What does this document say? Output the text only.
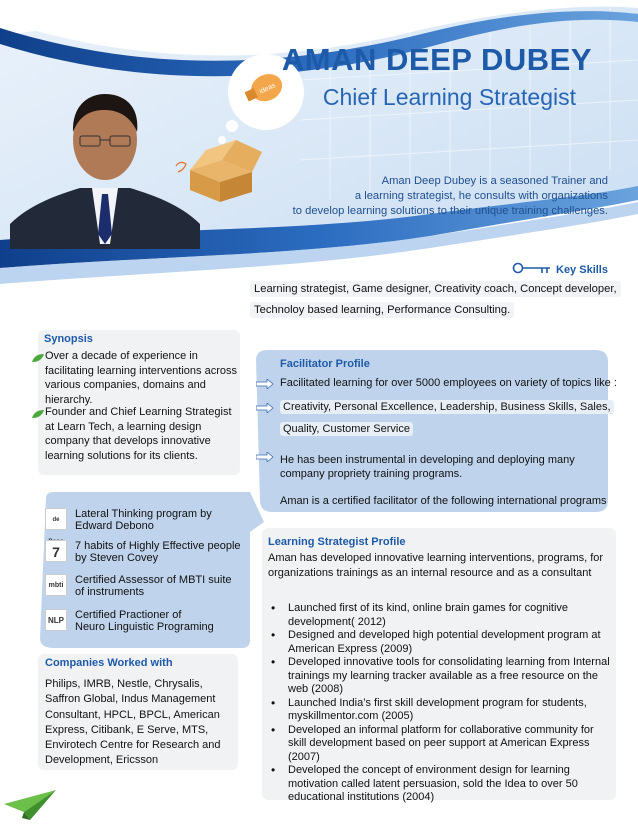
ideas
AMAN DEEP DUBEY
Chief Learning Strategist
Aman Deep Dubey is a seasoned Trainer and
a learning strategist, he consults with organizations
to develop learning solutions to their unique training challenges.
Key Skills
Learning strategist, Game designer, Creativity coach, Concept developer,
Technoloy based learning, Performance Consulting.
Synopsis
Over a decade of experience in facilitating learning interventions across various companies, domains and hierarchy.
Founder and Chief Learning Strategist at Learn Tech, a learning design company that develops innovative learning solutions for its clients.
Facilitator Profile
Facilitated learning for over 5000 employees on variety of topics like :
Creativity, Personal Excellence, Leadership, Business Skills, Sales,
Quality, Customer Service
He has been instrumental in developing and deploying many
company propriety training programs.
Aman is a certified facilitator of the following international programs
de	Lateral Thinking program by
Edward Debono
7	7 habits of Highly Effective people
by Steven Covey
mbti	Certified Assessor of MBTI suite
of instruments
NLP Certified Practioner of
Neuro Linguistic Programing
Companies Worked with
Philips, IMRB, Nestle, Chrysalis, Saffron Global, Indus Management Consultant, HPCL, BPCL, American Express, Citibank, E Serve, MTS, Envirotech Centre for Research and Development, Ericsson
Learning Strategist Profile
Aman has developed innovative learning interventions, programs, for organizations trainings as an internal resource and as a consultant
• Launched first of its kind, online brain games for cognitive development( 2012)
• Designed and developed high potential development program at American Express (2009)
• Developed innovative tools for consolidating learning from Internal trainings my learning tracker available as a free resource on the web (2008)
• Launched India’s first skill development program for students, myskillmentor.com (2005)
• Developed an informal platform for collaborative community for skill development based on peer support at American Express (2007)
• Developed the concept of environment design for learning motivation called latent persuasion, sold the Idea to over 50 educational institutions (2004)
